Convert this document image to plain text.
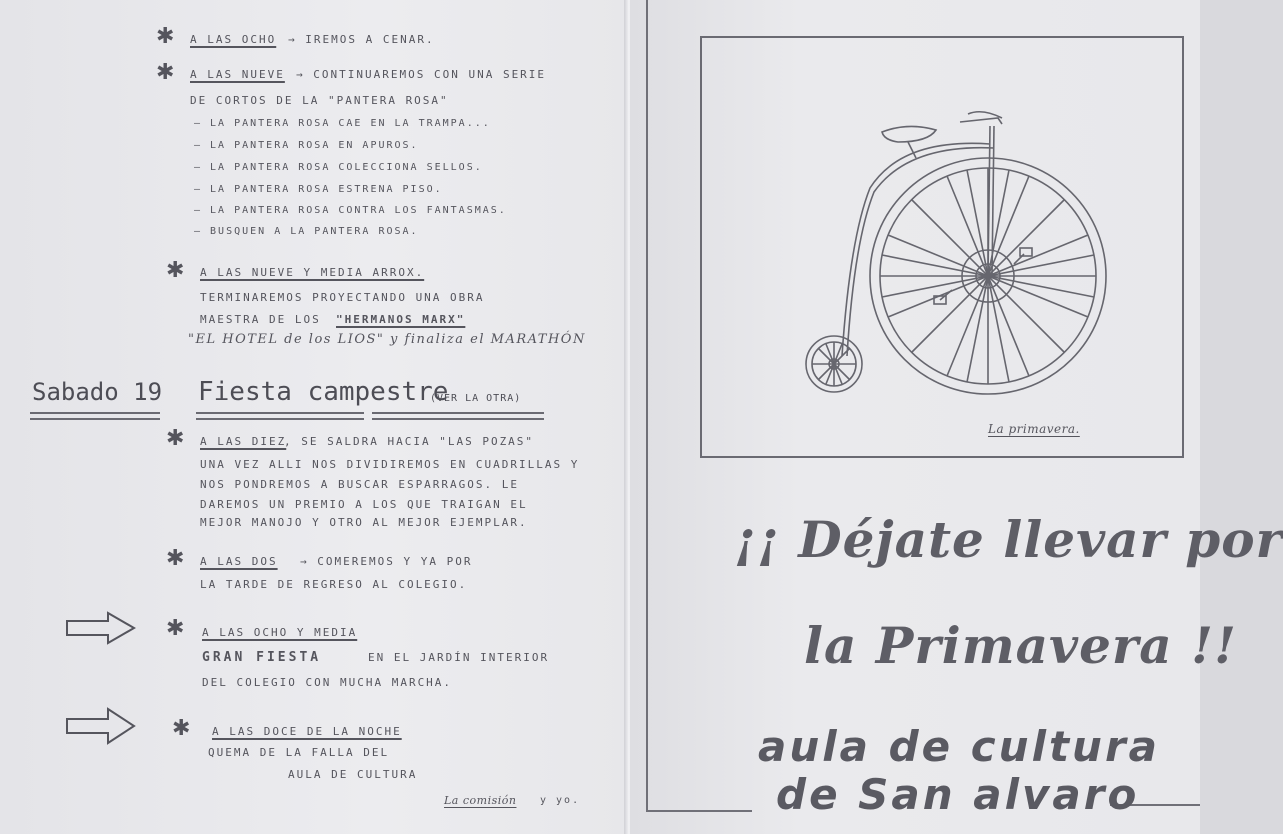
✱ A LAS OCHO → IREMOS A CENAR.
✱ A LAS NUEVE → CONTINUAREMOS CON UNA SERIE
DE CORTOS DE LA "PANTERA ROSA"
— LA PANTERA ROSA CAE EN LA TRAMPA...
— LA PANTERA ROSA EN APUROS.
— LA PANTERA ROSA COLECCIONA SELLOS.
— LA PANTERA ROSA ESTRENA PISO.
— LA PANTERA ROSA CONTRA LOS FANTASMAS.
— BUSQUEN A LA PANTERA ROSA.
✱ A LAS NUEVE Y MEDIA ARROX.
TERMINAREMOS PROYECTANDO UNA OBRA
MAESTRA DE LOS "HERMANOS MARX"
"EL HOTEL de los LIOS" y finaliza el MARATHÓN
Sabado 19 Fiesta campestre
(VER LA OTRA)
✱ A LAS DIEZ
, SE SALDRA HACIA "LAS POZAS"
UNA VEZ ALLI NOS DIVIDIREMOS EN CUADRILLAS Y
NOS PONDREMOS A BUSCAR ESPARRAGOS. LE
DAREMOS UN PREMIO A LOS QUE TRAIGAN EL
MEJOR MANOJO Y OTRO AL MEJOR EJEMPLAR.
✱ A LAS DOS → COMEREMOS Y YA POR
LA TARDE DE REGRESO AL COLEGIO.
✱ A LAS OCHO Y MEDIA
GRAN FIESTA	EN EL JARDÍN INTERIOR
DEL COLEGIO CON MUCHA MARCHA.
✱ A LAS DOCE DE LA NOCHE
QUEMA DE LA FALLA DEL
AULA DE CULTURA
La comisión y yo.
La primavera.
¡¡ Déjate llevar por
la Primavera !!
aula de cultura
de San alvaro
